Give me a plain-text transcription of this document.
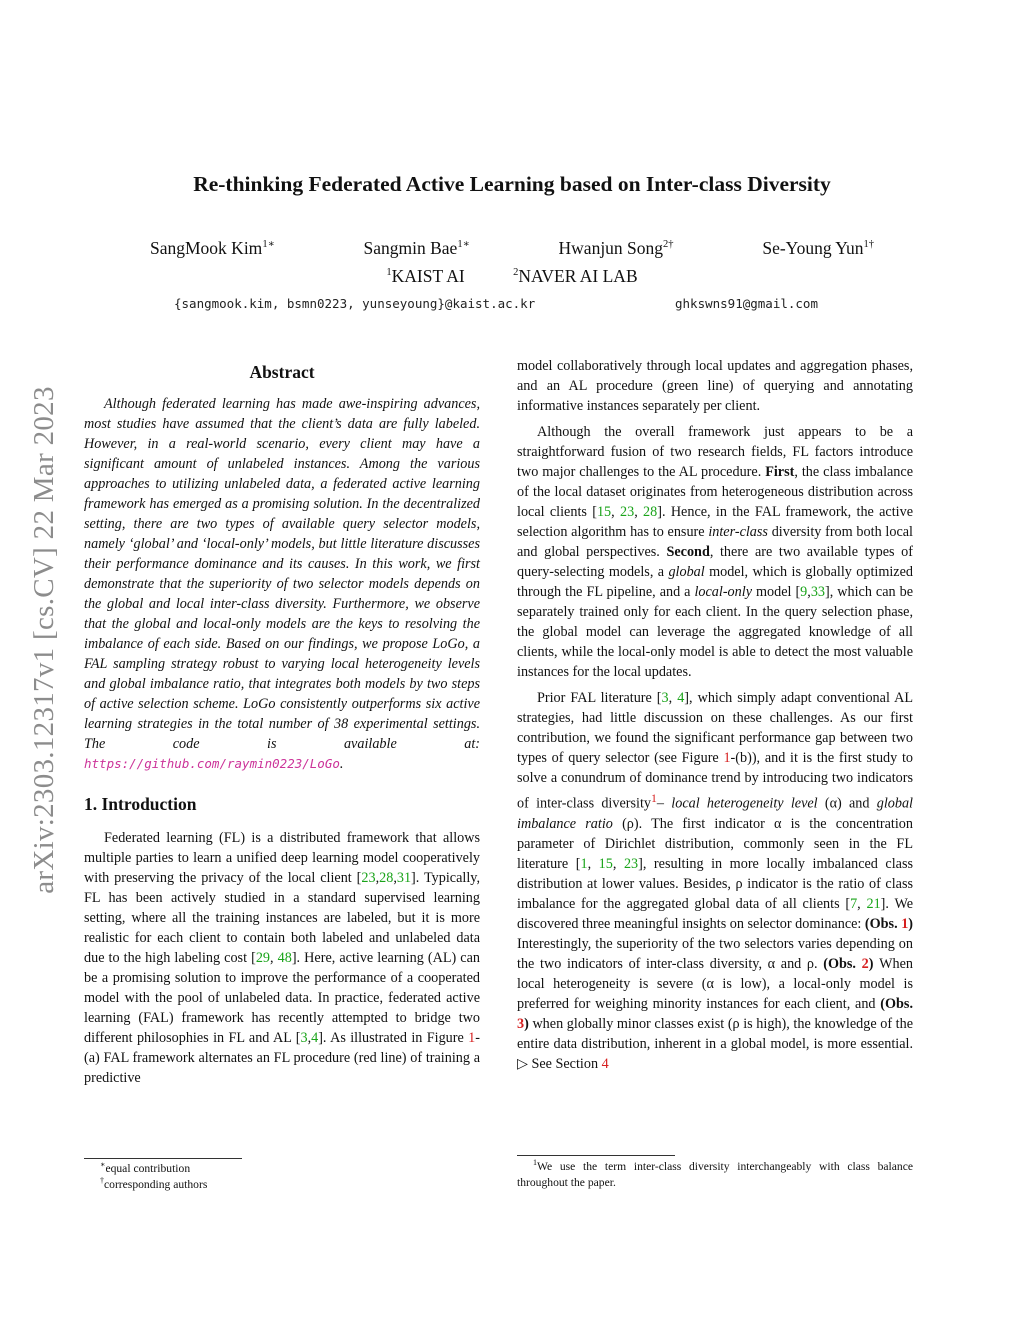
arXiv:2303.12317v1 [cs.CV] 22 Mar 2023
Re-thinking Federated Active Learning based on Inter-class Diversity
SangMook Kim$^{1∗}$	Sangmin Bae$^{1∗}$	Hwanjun Song$^{2\dagger}$	Se-Young Yun$^{1\dagger}$
$^1$KAIST AI	$^2$NAVER AI LAB
{sangmook.kim, bsmn0223, yunseyoung}@kaist.ac.kr	ghkswns91@gmail.com
Abstract

Although federated learning has made awe-inspiring advances, most studies have assumed that the client’s data are fully labeled. However, in a real-world scenario, every client may have a significant amount of unlabeled instances. Among the various approaches to utilizing unlabeled data, a federated active learning framework has emerged as a promising solution. In the decentralized setting, there are two types of available query selector models, namely ‘global’ and ‘local-only’ models, but little literature discusses their performance dominance and its causes. In this work, we first demonstrate that the superiority of two selector models depends on the global and local inter-class diversity. Furthermore, we observe that the global and local-only models are the keys to resolving the imbalance of each side. Based on our findings, we propose LoGo, a FAL sampling strategy robust to varying local heterogeneity levels and global imbalance ratio, that integrates both models by two steps of active selection scheme. LoGo consistently outperforms six active learning strategies in the total number of 38 experimental settings. The code is available at: https://github.com/raymin0223/LoGo.

1. Introduction

Federated learning (FL) is a distributed framework that allows multiple parties to learn a unified deep learning model cooperatively with preserving the privacy of the local client [23,28,31]. Typically, FL has been actively studied in a standard supervised learning setting, where all the training instances are labeled, but it is more realistic for each client to contain both labeled and unlabeled data due to the high labeling cost [29, 48]. Here, active learning (AL) can be a promising solution to improve the performance of a cooperated model with the pool of unlabeled data. In practice, federated active learning (FAL) framework has recently attempted to bridge two different philosophies in FL and AL [3,4]. As illustrated in Figure 1-(a) FAL framework alternates an FL procedure (red line) of training a predictive

∗equal contribution
†corresponding authors

model collaboratively through local updates and aggregation phases, and an AL procedure (green line) of querying and annotating informative instances separately per client.

Although the overall framework just appears to be a straightforward fusion of two research fields, FL factors introduce two major challenges to the AL procedure. First, the class imbalance of the local dataset originates from heterogeneous distribution across local clients [15, 23, 28]. Hence, in the FAL framework, the active selection algorithm has to ensure inter-class diversity from both local and global perspectives. Second, there are two available types of query-selecting models, a global model, which is globally optimized through the FL pipeline, and a local-only model [9,33], which can be separately trained only for each client. In the query selection phase, the global model can leverage the aggregated knowledge of all clients, while the local-only model is able to detect the most valuable instances for the local updates.

Prior FAL literature [3, 4], which simply adapt conventional AL strategies, had little discussion on these challenges. As our first contribution, we found the significant performance gap between two types of query selector (see Figure 1-(b)), and it is the first study to solve a conundrum of dominance trend by introducing two indicators of inter-class diversity$^1$– local heterogeneity level (α) and global imbalance ratio (ρ). The first indicator α is the concentration parameter of Dirichlet distribution, commonly seen in the FL literature [1, 15, 23], resulting in more locally imbalanced class distribution at lower values. Besides, ρ indicator is the ratio of class imbalance for the aggregated global data of all clients [7, 21]. We discovered three meaningful insights on selector dominance: (Obs. 1) Interestingly, the superiority of the two selectors varies depending on the two indicators of inter-class diversity, α and ρ. (Obs. 2) When local heterogeneity is severe (α is low), a local-only model is preferred for weighing minority instances for each client, and (Obs. 3) when globally minor classes exist (ρ is high), the knowledge of the entire data distribution, inherent in a global model, is more essential. ▷ See Section 4

$^1$We use the term inter-class diversity interchangeably with class balance throughout the paper.
